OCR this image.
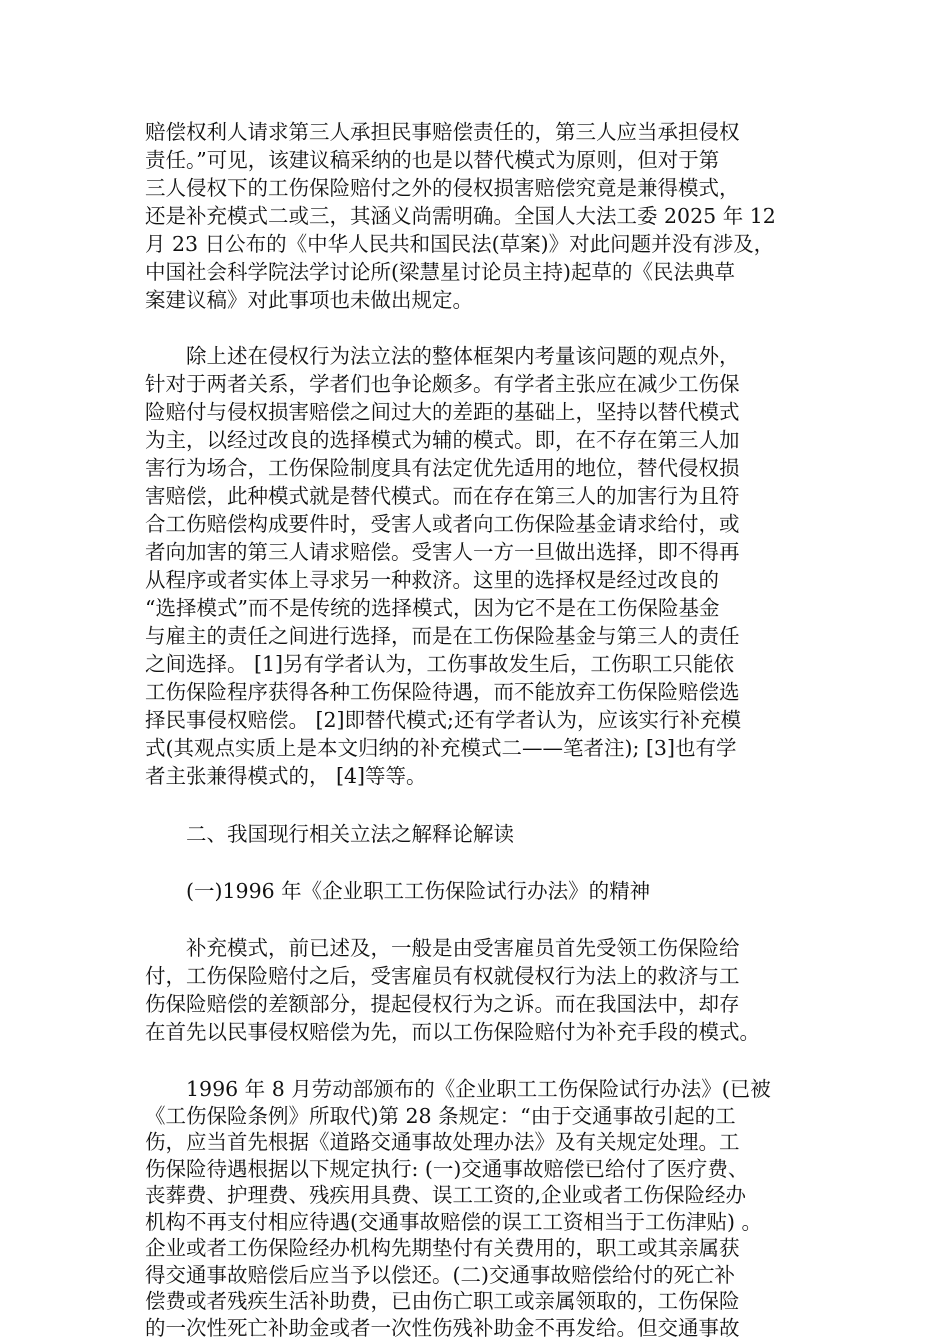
赔偿权利人请求第三人承担民事赔偿责任的，第三人应当承担侵权
责任。”可见，该建议稿采纳的也是以替代模式为原则，但对于第
三人侵权下的工伤保险赔付之外的侵权损害赔偿究竟是兼得模式，
还是补充模式二或三，其涵义尚需明确。全国人大法工委 2025 年 12
月 23 日公布的《中华人民共和国民法(草案)》对此问题并没有涉及，
中国社会科学院法学讨论所(梁慧星讨论员主持)起草的《民法典草
案建议稿》对此事项也未做出规定。
　　除上述在侵权行为法立法的整体框架内考量该问题的观点外，
针对于两者关系，学者们也争论颇多。有学者主张应在减少工伤保
险赔付与侵权损害赔偿之间过大的差距的基础上，坚持以替代模式
为主，以经过改良的选择模式为辅的模式。即，在不存在第三人加
害行为场合，工伤保险制度具有法定优先适用的地位，替代侵权损
害赔偿，此种模式就是替代模式。而在存在第三人的加害行为且符
合工伤赔偿构成要件时，受害人或者向工伤保险基金请求给付，或
者向加害的第三人请求赔偿。受害人一方一旦做出选择，即不得再
从程序或者实体上寻求另一种救济。这里的选择权是经过改良的
“选择模式”而不是传统的选择模式，因为它不是在工伤保险基金
与雇主的责任之间进行选择，而是在工伤保险基金与第三人的责任
之间选择。 [1]另有学者认为，工伤事故发生后，工伤职工只能依
工伤保险程序获得各种工伤保险待遇，而不能放弃工伤保险赔偿选
择民事侵权赔偿。 [2]即替代模式;还有学者认为，应该实行补充模
式(其观点实质上是本文归纳的补充模式二——笔者注); [3]也有学
者主张兼得模式的， [4]等等。
　　二、我国现行相关立法之解释论解读
　　(一)1996 年《企业职工工伤保险试行办法》的精神
　　补充模式，前已述及，一般是由受害雇员首先受领工伤保险给
付，工伤保险赔付之后，受害雇员有权就侵权行为法上的救济与工
伤保险赔偿的差额部分，提起侵权行为之诉。而在我国法中，却存
在首先以民事侵权赔偿为先，而以工伤保险赔付为补充手段的模式。
　　1996 年 8 月劳动部颁布的《企业职工工伤保险试行办法》(已被
《工伤保险条例》所取代)第 28 条规定：“由于交通事故引起的工
伤，应当首先根据《道路交通事故处理办法》及有关规定处理。工
伤保险待遇根据以下规定执行: (一)交通事故赔偿已给付了医疗费、
丧葬费、护理费、残疾用具费、误工工资的,企业或者工伤保险经办
机构不再支付相应待遇(交通事故赔偿的误工工资相当于工伤津贴) 。
企业或者工伤保险经办机构先期垫付有关费用的，职工或其亲属获
得交通事故赔偿后应当予以偿还。(二)交通事故赔偿给付的死亡补
偿费或者残疾生活补助费，已由伤亡职工或亲属领取的，工伤保险
的一次性死亡补助金或者一次性伤残补助金不再发给。但交通事故
